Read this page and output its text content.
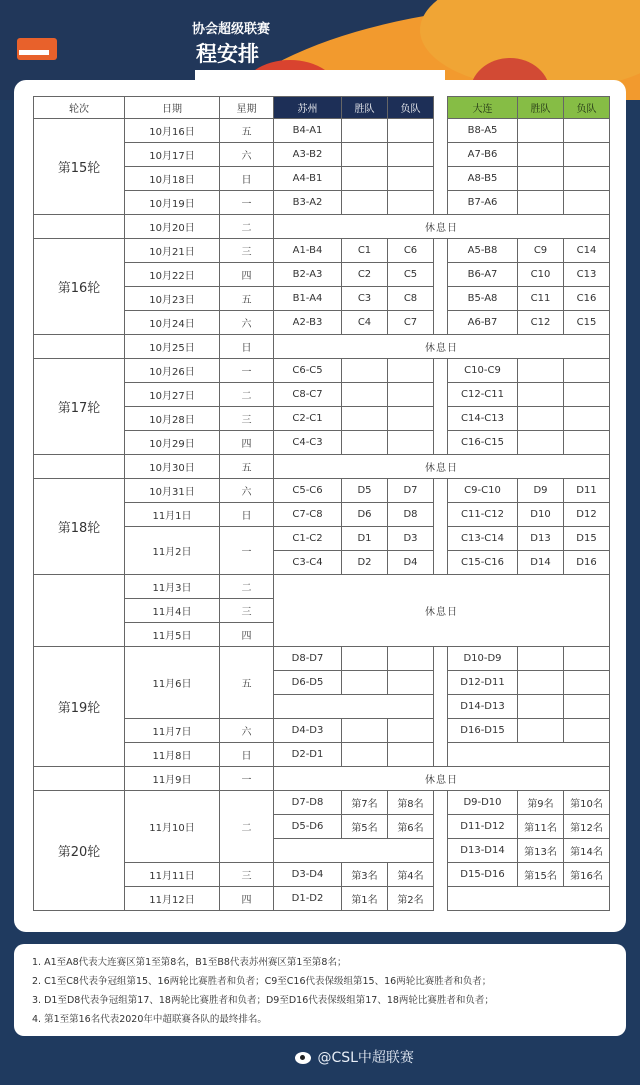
协会超级联赛
程安排
轮次	日期	星期	苏州	胜队	负队		大连	胜队	负队
第15轮	10月16日	五	B4-A1				B8-A5		
	10月17日	六	A3-B2				A7-B6		
	10月18日	日	A4-B1				A8-B5		
	10月19日	一	B3-A2				B7-A6		
	10月20日	二	休息日						
第16轮	10月21日	三	A1-B4	C1	C6		A5-B8	C9	C14
	10月22日	四	B2-A3	C2	C5		B6-A7	C10	C13
	10月23日	五	B1-A4	C3	C8		B5-A8	C11	C16
	10月24日	六	A2-B3	C4	C7		A6-B7	C12	C15
	10月25日	日	休息日						
第17轮	10月26日	一	C6-C5				C10-C9		
	10月27日	二	C8-C7				C12-C11		
	10月28日	三	C2-C1				C14-C13		
	10月29日	四	C4-C3				C16-C15		
	10月30日	五	休息日						
第18轮	10月31日	六	C5-C6	D5	D7		C9-C10	D9	D11
	11月1日	日	C7-C8	D6	D8		C11-C12	D10	D12
	11月2日	一	C1-C2	D1	D3		C13-C14	D13	D15
			C3-C4	D2	D4		C15-C16	D14	D16
	11月3日	二	休息日						
	11月4日	三							
	11月5日	四							
第19轮	11月6日	五	D8-D7				D10-D9		
			D6-D5				D12-D11		
							D14-D13		
	11月7日	六	D4-D3				D16-D15		
	11月8日	日	D2-D1						
	11月9日	一	休息日						
第20轮	11月10日	二	D7-D8	第7名	第8名		D9-D10	第9名	第10名
			D5-D6	第5名	第6名		D11-D12	第11名	第12名
							D13-D14	第13名	第14名
	11月11日	三	D3-D4	第3名	第4名		D15-D16	第15名	第16名
	11月12日	四	D1-D2	第1名	第2名				
1. A1至A8代表大连赛区第1至第8名，B1至B8代表苏州赛区第1至第8名；
2. C1至C8代表争冠组第15、16两轮比赛胜者和负者；C9至C16代表保级组第15、16两轮比赛胜者和负者；
3. D1至D8代表争冠组第17、18两轮比赛胜者和负者；D9至D16代表保级组第17、18两轮比赛胜者和负者；
4. 第1至第16名代表2020年中超联赛各队的最终排名。
@CSL中超联赛
